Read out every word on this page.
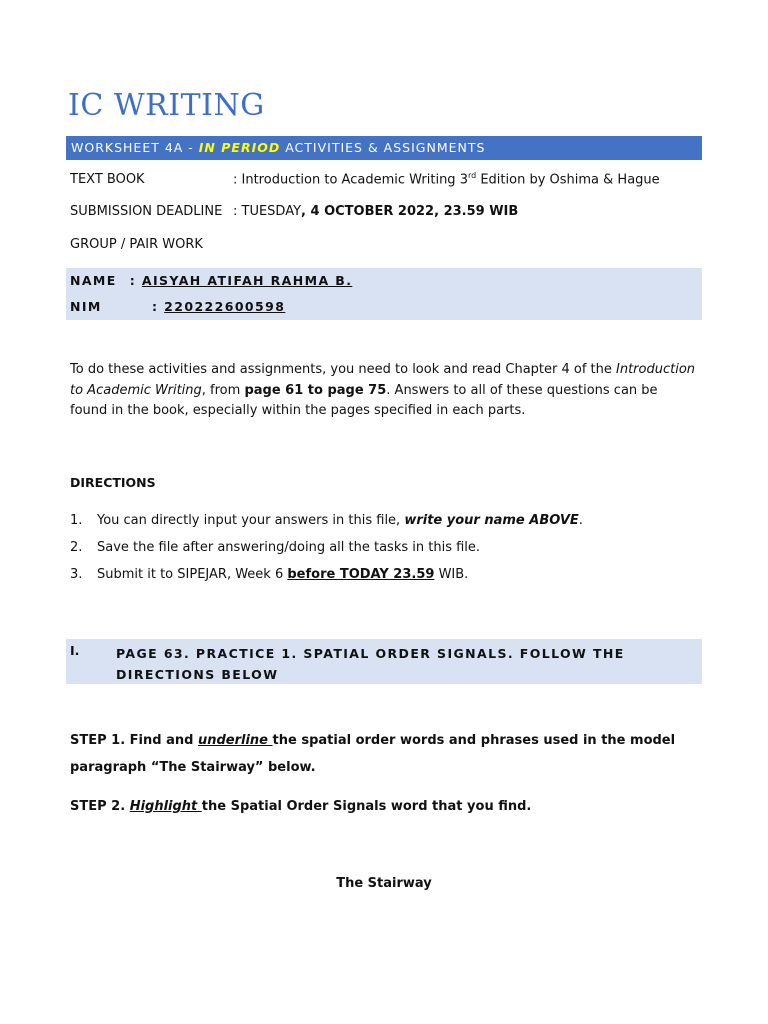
IC WRITING
WORKSHEET 4A - IN PERIOD ACTIVITIES & ASSIGNMENTS
TEXT BOOK	: Introduction to Academic Writing 3rd Edition by Oshima & Hague
SUBMISSION DEADLINE : TUESDAY, 4 OCTOBER 2022, 23.59 WIB
GROUP / PAIR WORK
NAME : AISYAH ATIFAH RAHMA B.
NIM	: 220222600598
To do these activities and assignments, you need to look and read Chapter 4 of the Introduction to Academic Writing, from page 61 to page 75. Answers to all of these questions can be found in the book, especially within the pages specified in each parts.
DIRECTIONS
1. You can directly input your answers in this file, write your name ABOVE.
2. Save the file after answering/doing all the tasks in this file.
3. Submit it to SIPEJAR, Week 6 before TODAY 23.59 WIB.
I.	PAGE 63. PRACTICE 1. SPATIAL ORDER SIGNALS. FOLLOW THE DIRECTIONS BELOW
STEP 1. Find and underline the spatial order words and phrases used in the model paragraph “The Stairway” below.
STEP 2. Highlight the Spatial Order Signals word that you find.
The Stairway
